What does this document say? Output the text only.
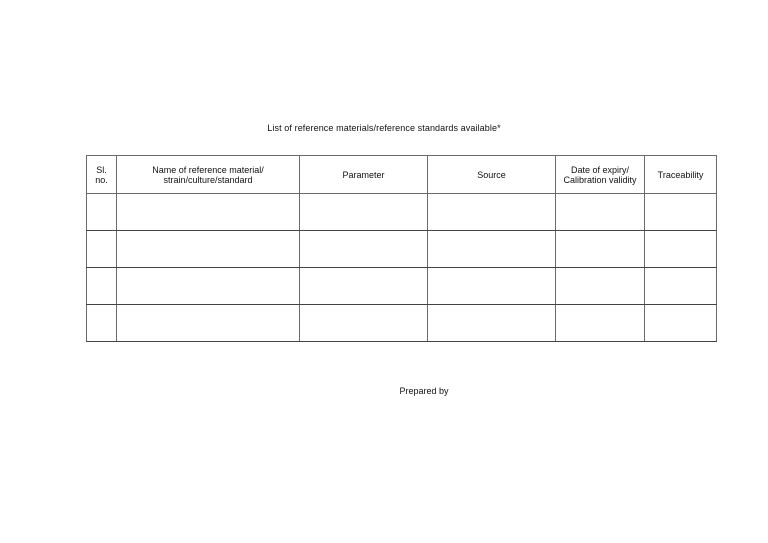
List of reference materials/reference standards available*
Sl. no.	Name of reference material/ strain/culture/standard	Parameter	Source	Date of expiry/ Calibration validity	Traceability

Prepared by
